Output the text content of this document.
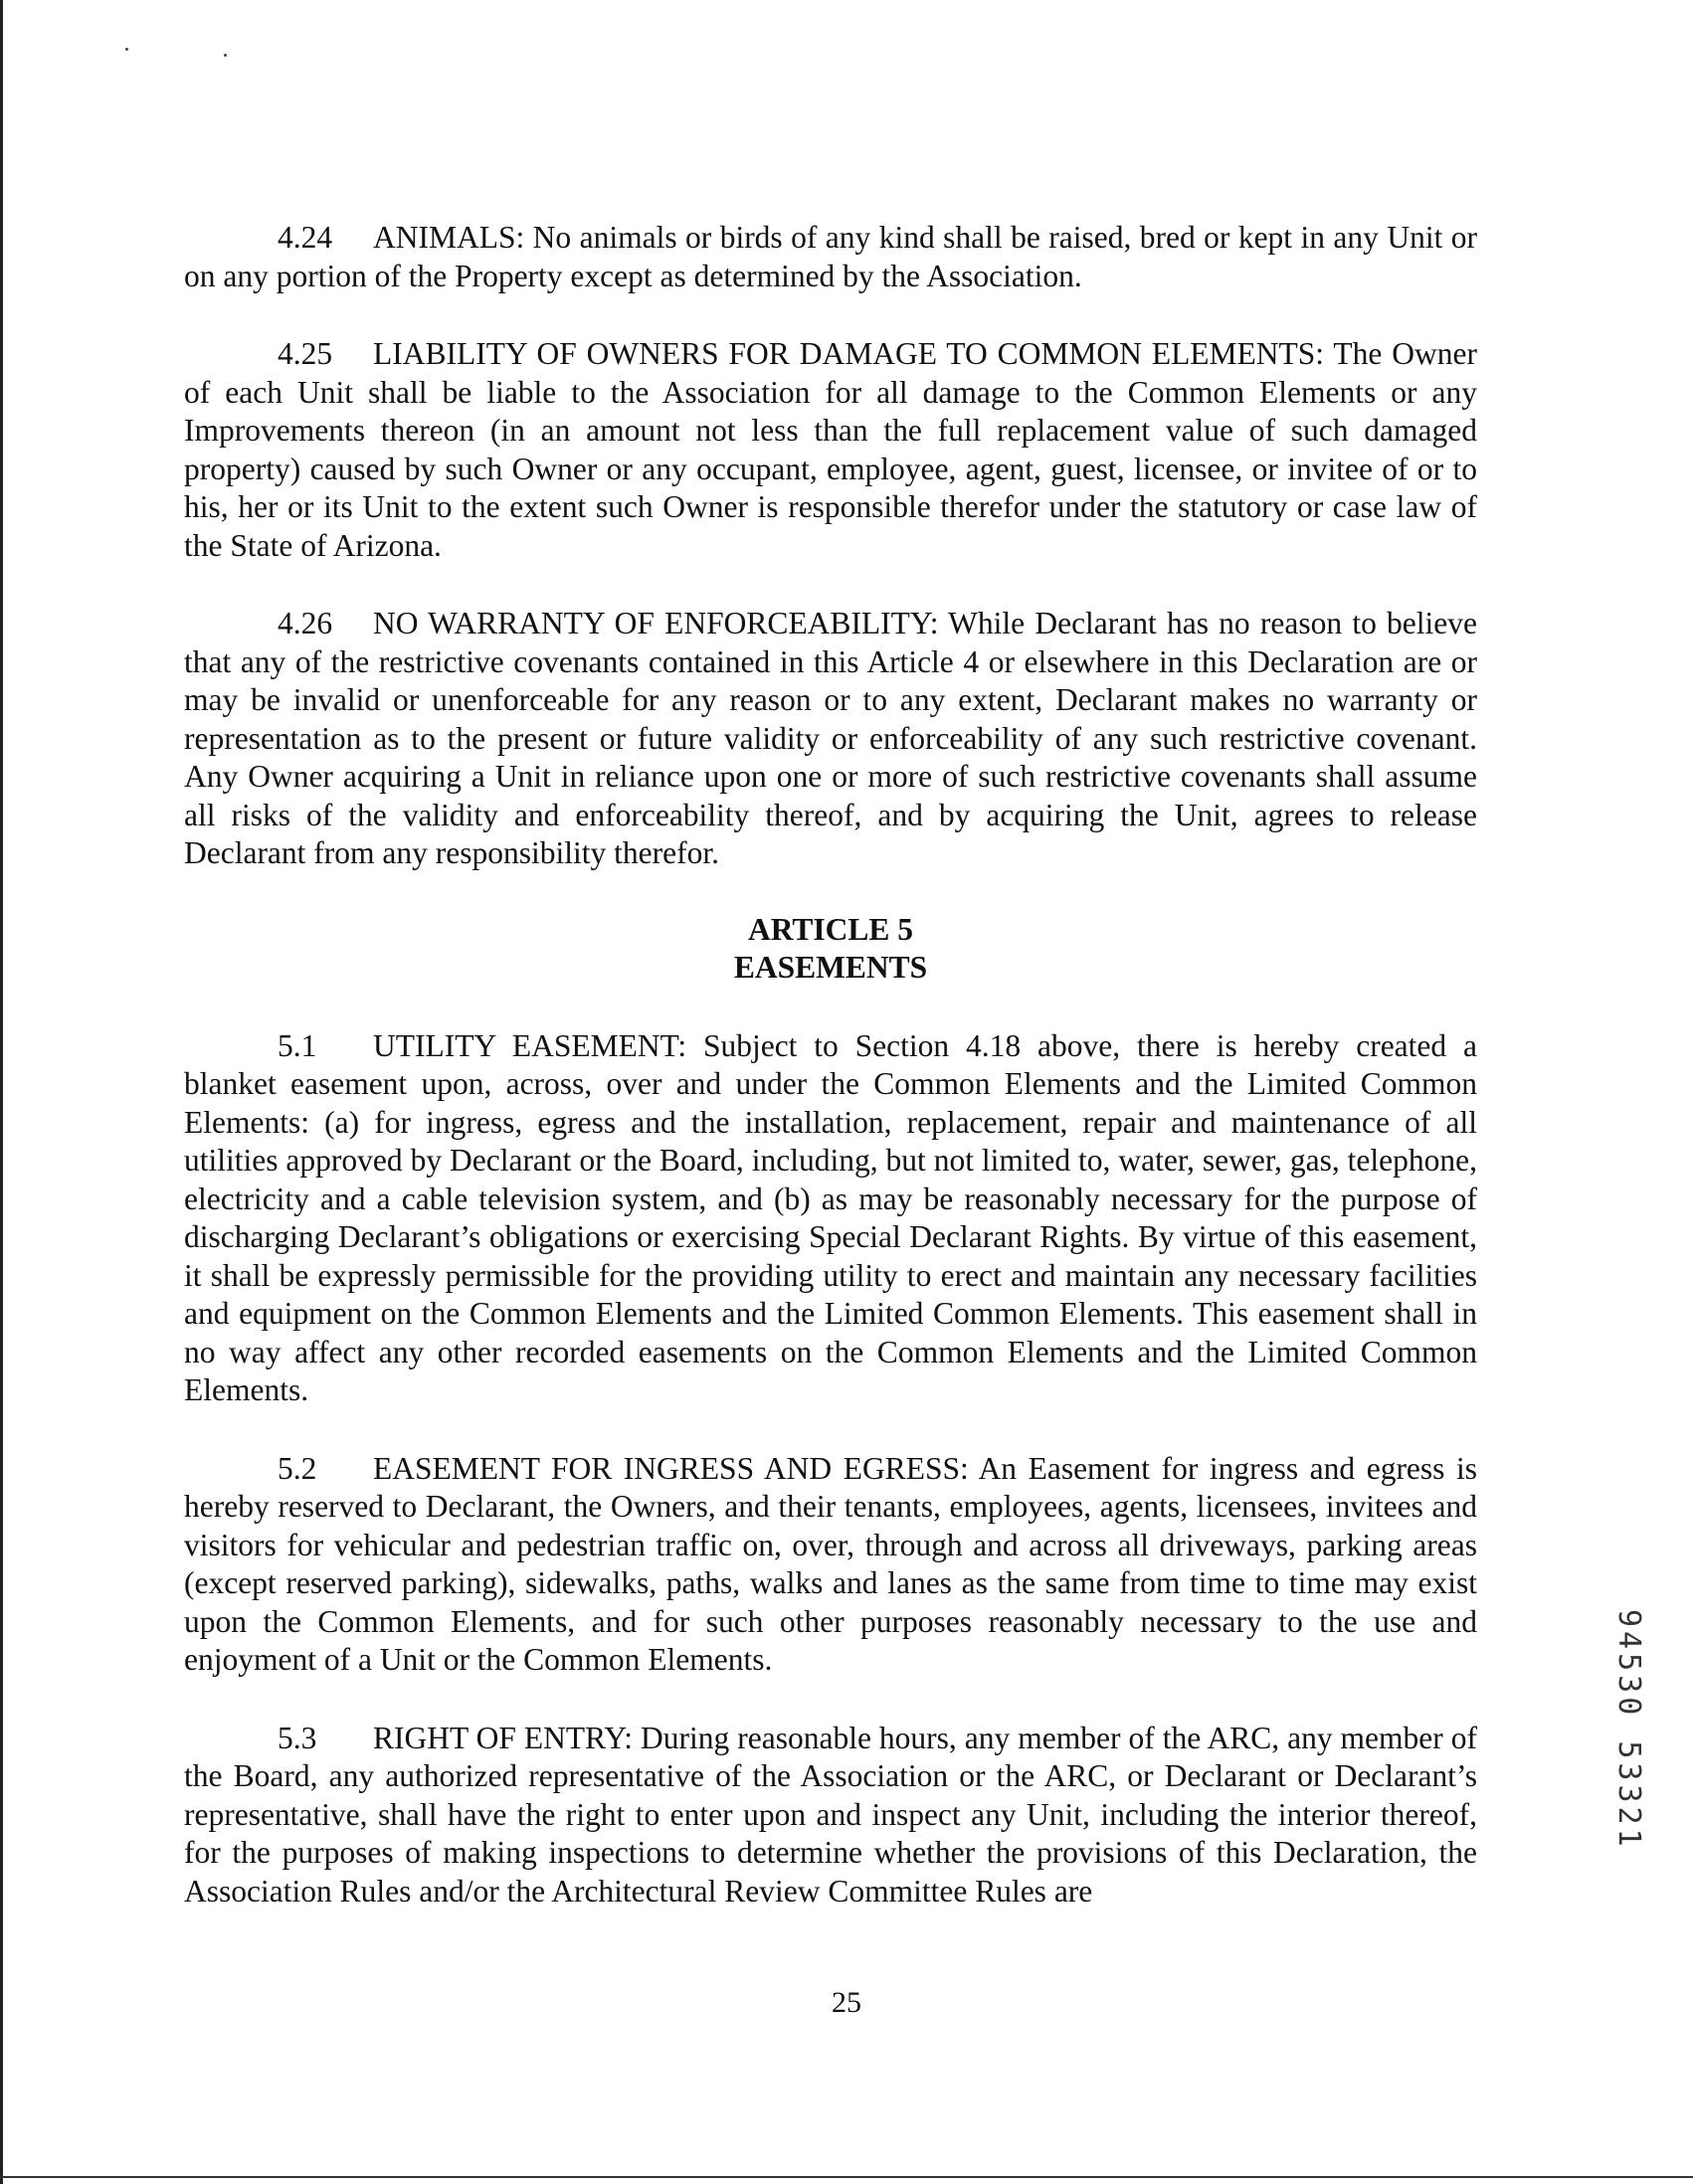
4.24 ANIMALS: No animals or birds of any kind shall be raised, bred or kept in any Unit or on any portion of the Property except as determined by the Association.

4.25 LIABILITY OF OWNERS FOR DAMAGE TO COMMON ELEMENTS: The Owner of each Unit shall be liable to the Association for all damage to the Common Elements or any Improvements thereon (in an amount not less than the full replacement value of such damaged property) caused by such Owner or any occupant, employee, agent, guest, licensee, or invitee of or to his, her or its Unit to the extent such Owner is responsible therefor under the statutory or case law of the State of Arizona.

4.26 NO WARRANTY OF ENFORCEABILITY: While Declarant has no reason to believe that any of the restrictive covenants contained in this Article 4 or elsewhere in this Declaration are or may be invalid or unenforceable for any reason or to any extent, Declarant makes no warranty or representation as to the present or future validity or enforceability of any such restrictive covenant. Any Owner acquiring a Unit in reliance upon one or more of such restrictive covenants shall assume all risks of the validity and enforceability thereof, and by acquiring the Unit, agrees to release Declarant from any responsibility therefor.

ARTICLE 5
EASEMENTS

5.1 UTILITY EASEMENT: Subject to Section 4.18 above, there is hereby created a blanket easement upon, across, over and under the Common Elements and the Limited Common Elements: (a) for ingress, egress and the installation, replacement, repair and maintenance of all utilities approved by Declarant or the Board, including, but not limited to, water, sewer, gas, telephone, electricity and a cable television system, and (b) as may be reasonably necessary for the purpose of discharging Declarant’s obligations or exercising Special Declarant Rights. By virtue of this easement, it shall be expressly permissible for the providing utility to erect and maintain any necessary facilities and equipment on the Common Elements and the Limited Common Elements. This easement shall in no way affect any other recorded easements on the Common Elements and the Limited Common Elements.

5.2 EASEMENT FOR INGRESS AND EGRESS: An Easement for ingress and egress is hereby reserved to Declarant, the Owners, and their tenants, employees, agents, licensees, invitees and visitors for vehicular and pedestrian traffic on, over, through and across all driveways, parking areas (except reserved parking), sidewalks, paths, walks and lanes as the same from time to time may exist upon the Common Elements, and for such other purposes reasonably necessary to the use and enjoyment of a Unit or the Common Elements.

5.3 RIGHT OF ENTRY: During reasonable hours, any member of the ARC, any member of the Board, any authorized representative of the Association or the ARC, or Declarant or Declarant’s representative, shall have the right to enter upon and inspect any Unit, including the interior thereof, for the purposes of making inspections to determine whether the provisions of this Declaration, the Association Rules and/or the Architectural Review Committee Rules are

25
94530 53321
